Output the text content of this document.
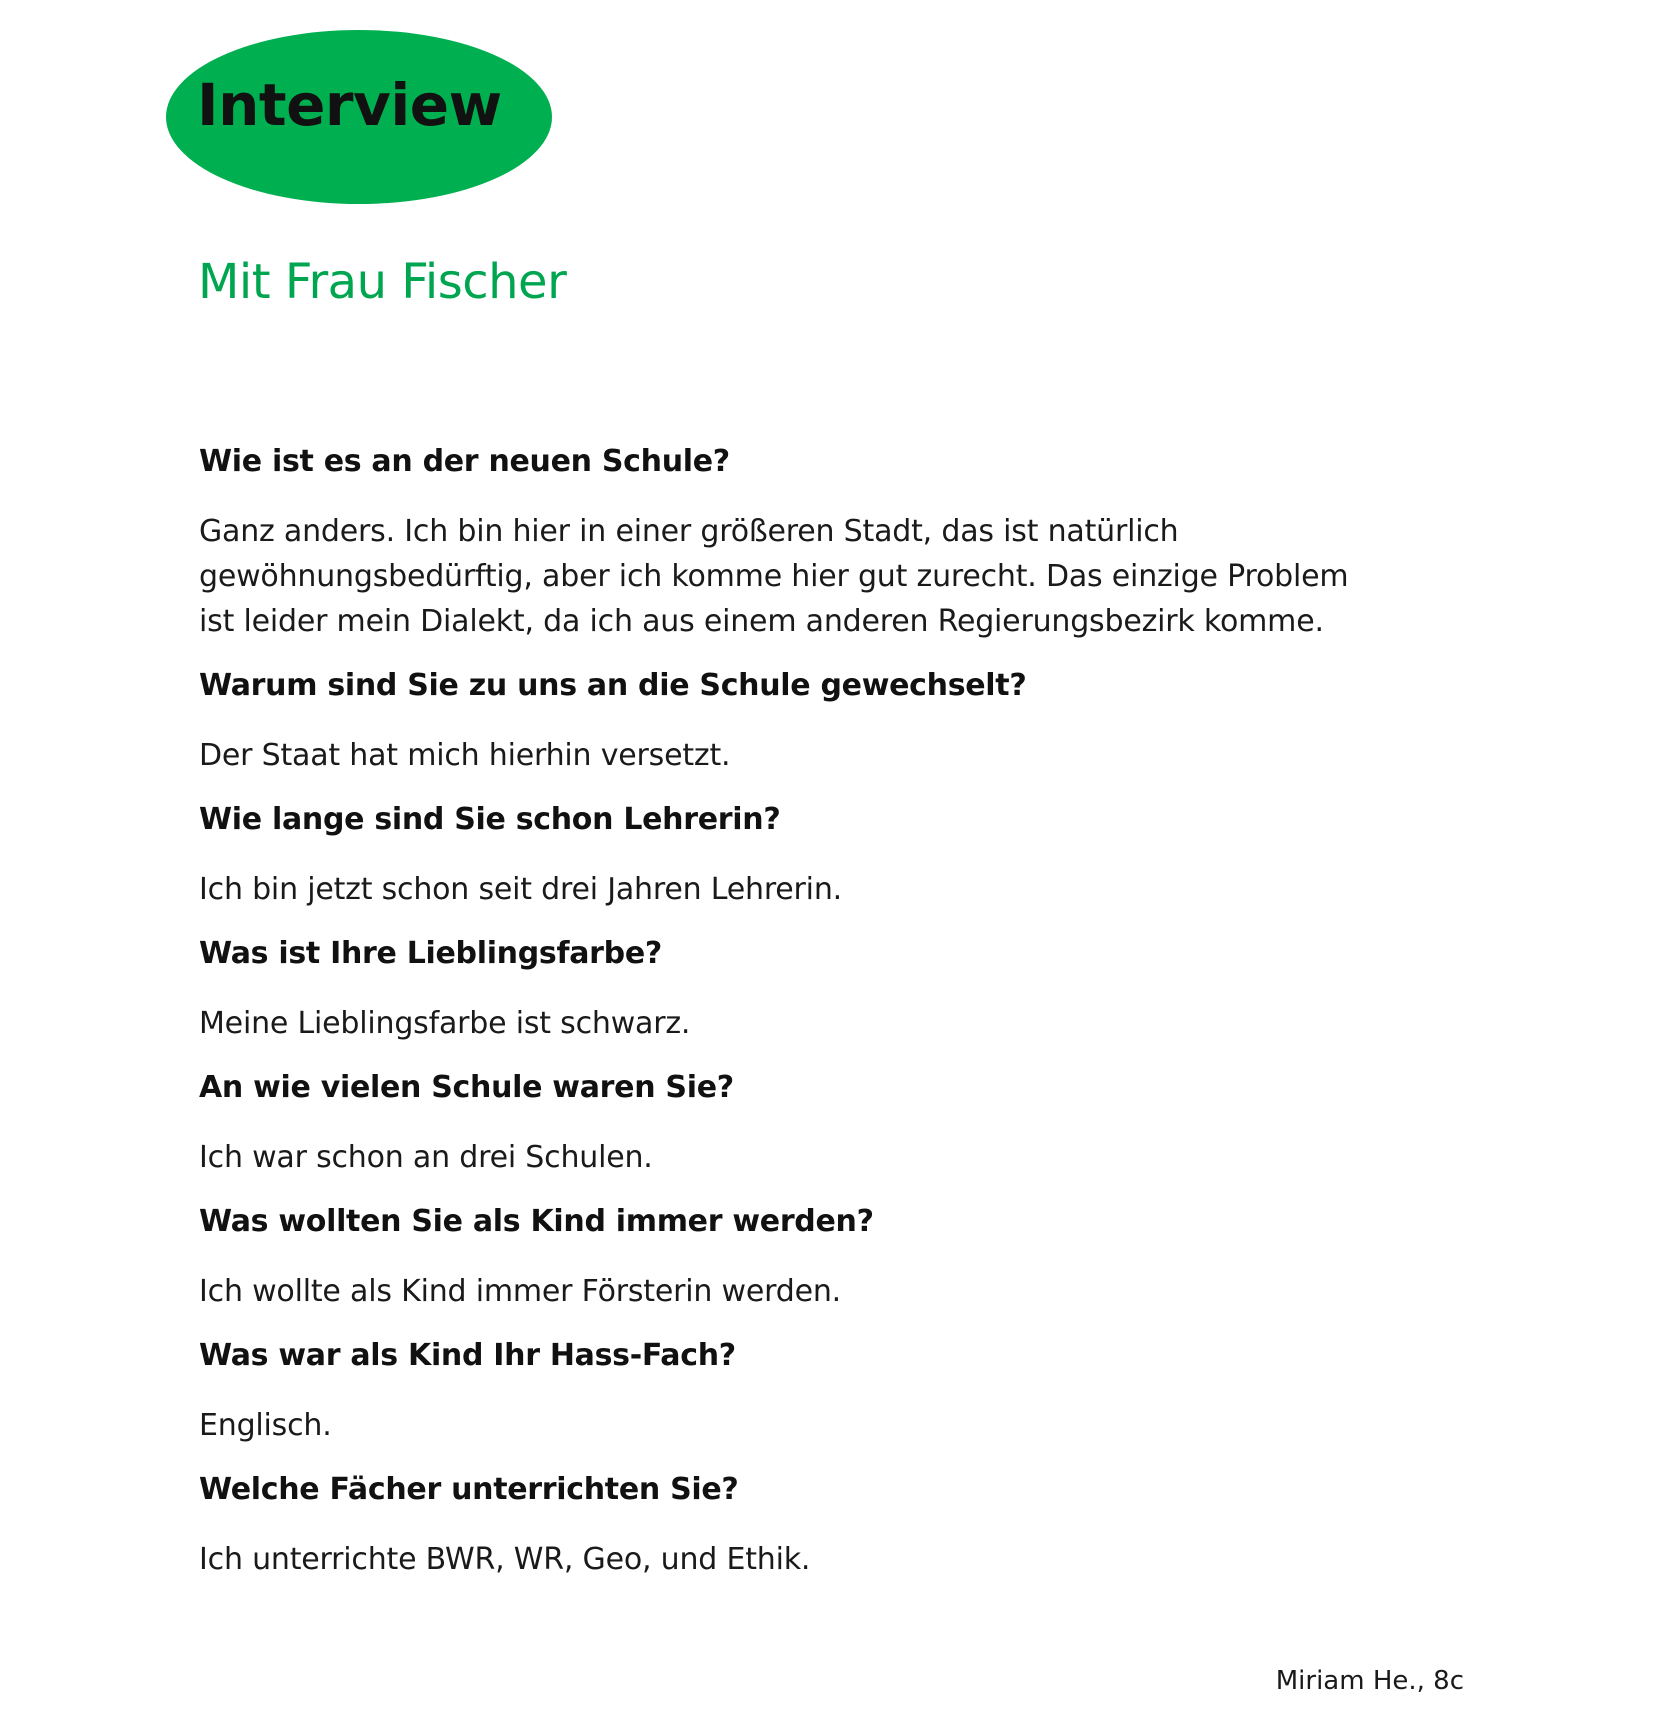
Interview
Mit Frau Fischer
Wie ist es an der neuen Schule?
Ganz anders. Ich bin hier in einer größeren Stadt, das ist natürlich
gewöhnungsbedürftig, aber ich komme hier gut zurecht. Das einzige Problem
ist leider mein Dialekt, da ich aus einem anderen Regierungsbezirk komme.
Warum sind Sie zu uns an die Schule gewechselt?
Der Staat hat mich hierhin versetzt.
Wie lange sind Sie schon Lehrerin?
Ich bin jetzt schon seit drei Jahren Lehrerin.
Was ist Ihre Lieblingsfarbe?
Meine Lieblingsfarbe ist schwarz.
An wie vielen Schule waren Sie?
Ich war schon an drei Schulen.
Was wollten Sie als Kind immer werden?
Ich wollte als Kind immer Försterin werden.
Was war als Kind Ihr Hass-Fach?
Englisch.
Welche Fächer unterrichten Sie?
Ich unterrichte BWR, WR, Geo, und Ethik.
Miriam He., 8c
